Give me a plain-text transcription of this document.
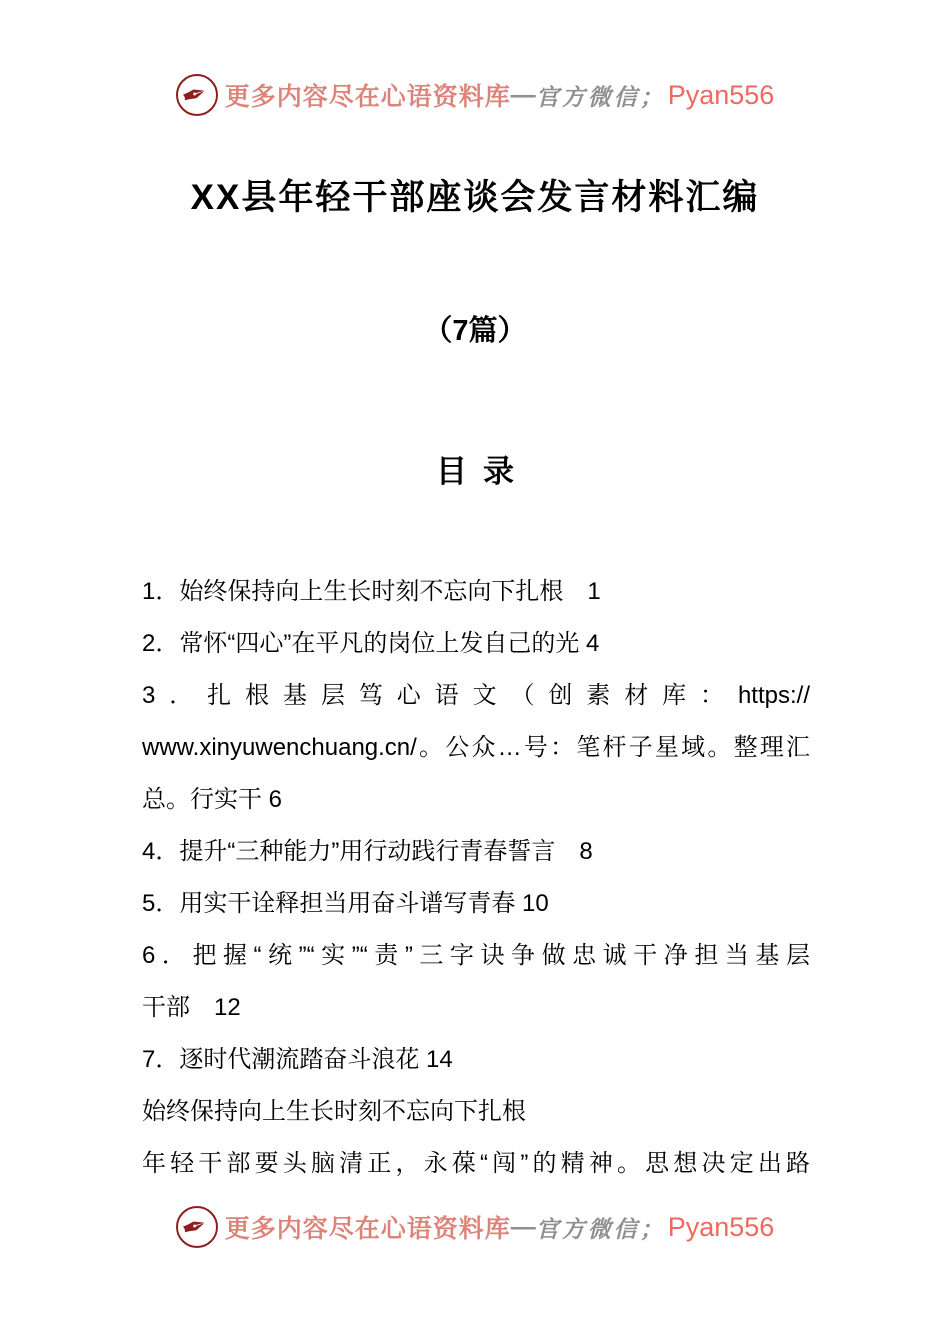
✒ 更多内容尽在心语资料库 — 官方微信； Pyan556
XX县年轻干部座谈会发言材料汇编
（7篇）
目录
1．始终保持向上生长时刻不忘向下扎根　1
2．常怀“四心”在平凡的岗位上发自己的光 4
3．扎根基层笃心语文（创素材库：https://
www.xinyuwenchuang.cn/。公众…号：笔杆子星域。整理汇
总。行实干 6
4．提升“三种能力”用行动践行青春誓言　8
5．用实干诠释担当用奋斗谱写青春 10
6．把握“统”“实”“责”三字诀争做忠诚干净担当基层
干部　12
7．逐时代潮流踏奋斗浪花 14
始终保持向上生长时刻不忘向下扎根
年轻干部要头脑清正，永葆“闯”的精神。思想决定出路
✒ 更多内容尽在心语资料库 — 官方微信； Pyan556
